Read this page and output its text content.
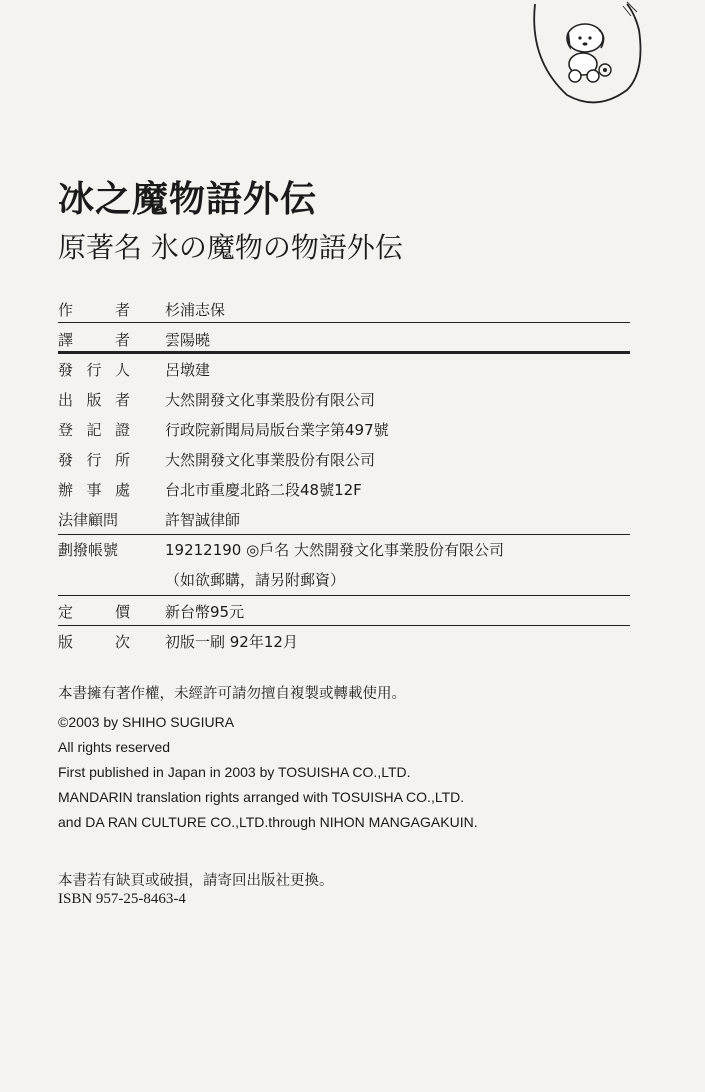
冰之魔物語外伝
原著名 氷の魔物の物語外伝
作	者 杉浦志保
譯	者 雲陽曉
發 行 人 呂墩建
出 版 者 大然開發文化事業股份有限公司
登 記 證 行政院新聞局局版台業字第497號
發 行 所 大然開發文化事業股份有限公司
辦 事 處 台北市重慶北路二段48號12F
法律顧問	許智誠律師
劃撥帳號	19212190 ◎戶名 大然開發文化事業股份有限公司
（如欲郵購，請另附郵資）
定	價 新台幣95元
版	次 初版一刷 92年12月
本書擁有著作權，未經許可請勿擅自複製或轉載使用。
©2003 by SHIHO SUGIURA
All rights reserved
First published in Japan in 2003 by TOSUISHA CO.,LTD.
MANDARIN translation rights arranged with TOSUISHA CO.,LTD.
and DA RAN CULTURE CO.,LTD.through NIHON MANGAGAKUIN.
本書若有缺頁或破損，請寄回出版社更換。
ISBN 957-25-8463-4
